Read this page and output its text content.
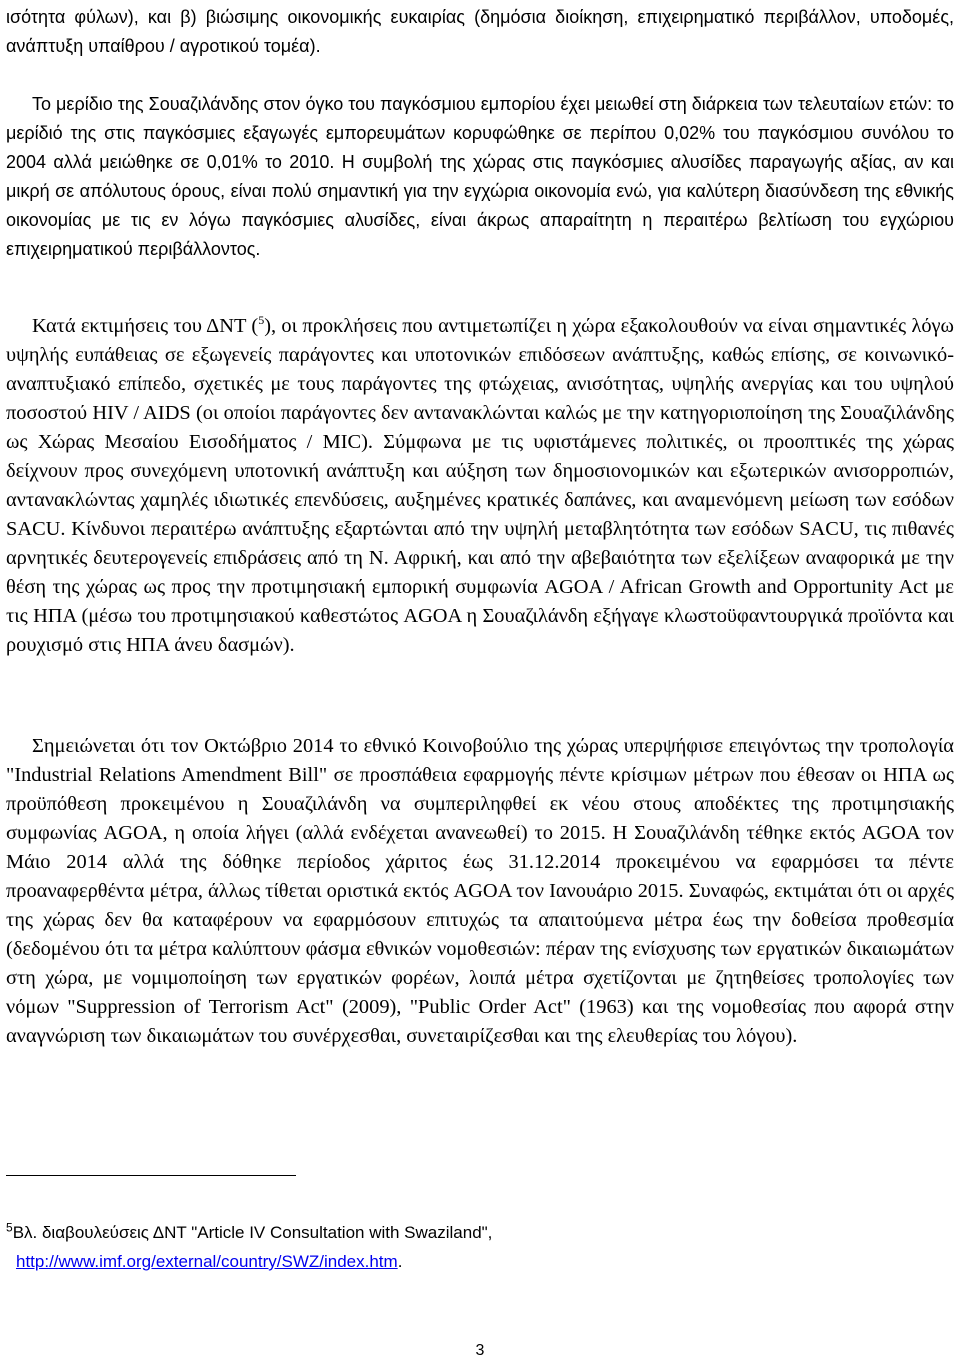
ισότητα φύλων), και β) βιώσιμης οικονομικής ευκαιρίας (δημόσια διοίκηση, επιχειρηματικό περιβάλλον, υποδομές, ανάπτυξη υπαίθρου / αγροτικού τομέα).

Το μερίδιο της Σουαζιλάνδης στον όγκο του παγκόσμιου εμπορίου έχει μειωθεί στη διάρκεια των τελευταίων ετών: το μερίδιό της στις παγκόσμιες εξαγωγές εμπορευμάτων κορυφώθηκε σε περίπου 0,02% του παγκόσμιου συνόλου το 2004 αλλά μειώθηκε σε 0,01% το 2010. Η συμβολή της χώρας στις παγκόσμιες αλυσίδες παραγωγής αξίας, αν και μικρή σε απόλυτους όρους, είναι πολύ σημαντική για την εγχώρια οικονομία ενώ, για καλύτερη διασύνδεση της εθνικής οικονομίας με τις εν λόγω παγκόσμιες αλυσίδες, είναι άκρως απαραίτητη η περαιτέρω βελτίωση του εγχώριου επιχειρηματικού περιβάλλοντος.

Κατά εκτιμήσεις του ΔΝΤ ($^5$), οι προκλήσεις που αντιμετωπίζει η χώρα εξακολουθούν να είναι σημαντικές λόγω υψηλής ευπάθειας σε εξωγενείς παράγοντες και υποτονικών επιδόσεων ανάπτυξης, καθώς επίσης, σε κοινωνικό-αναπτυξιακό επίπεδο, σχετικές με τους παράγοντες της φτώχειας, ανισότητας, υψηλής ανεργίας και του υψηλού ποσοστού HIV / AIDS (οι οποίοι παράγοντες δεν αντανακλώνται καλώς με την κατηγοριοποίηση της Σουαζιλάνδης ως Χώρας Μεσαίου Εισοδήματος / MIC). Σύμφωνα με τις υφιστάμενες πολιτικές, οι προοπτικές της χώρας δείχνουν προς συνεχόμενη υποτονική ανάπτυξη και αύξηση των δημοσιονομικών και εξωτερικών ανισορροπιών, αντανακλώντας χαμηλές ιδιωτικές επενδύσεις, αυξημένες κρατικές δαπάνες, και αναμενόμενη μείωση των εσόδων SACU. Κίνδυνοι περαιτέρω ανάπτυξης εξαρτώνται από την υψηλή μεταβλητότητα των εσόδων SACU, τις πιθανές αρνητικές δευτερογενείς επιδράσεις από τη Ν. Αφρική, και από την αβεβαιότητα των εξελίξεων αναφορικά με την θέση της χώρας ως προς την προτιμησιακή εμπορική συμφωνία AGOA / African Growth and Opportunity Act με τις ΗΠΑ (μέσω του προτιμησιακού καθεστώτος AGOA η Σουαζιλάνδη εξήγαγε κλωστοϋφαντουργικά προϊόντα και ρουχισμό στις ΗΠΑ άνευ δασμών).

Σημειώνεται ότι τον Οκτώβριο 2014 το εθνικό Κοινοβούλιο της χώρας υπερψήφισε επειγόντως την τροπολογία "Industrial Relations Amendment Bill" σε προσπάθεια εφαρμογής πέντε κρίσιμων μέτρων που έθεσαν οι ΗΠΑ ως προϋπόθεση προκειμένου η Σουαζιλάνδη να συμπεριληφθεί εκ νέου στους αποδέκτες της προτιμησιακής συμφωνίας AGOA, η οποία λήγει (αλλά ενδέχεται ανανεωθεί) το 2015. Η Σουαζιλάνδη τέθηκε εκτός AGOA τον Μάιο 2014 αλλά της δόθηκε περίοδος χάριτος έως 31.12.2014 προκειμένου να εφαρμόσει τα πέντε προαναφερθέντα μέτρα, άλλως τίθεται οριστικά εκτός AGOA τον Ιανουάριο 2015. Συναφώς, εκτιμάται ότι οι αρχές της χώρας δεν θα καταφέρουν να εφαρμόσουν επιτυχώς τα απαιτούμενα μέτρα έως την δοθείσα προθεσμία (δεδομένου ότι τα μέτρα καλύπτουν φάσμα εθνικών νομοθεσιών: πέραν της ενίσχυσης των εργατικών δικαιωμάτων στη χώρα, με νομιμοποίηση των εργατικών φορέων, λοιπά μέτρα σχετίζονται με ζητηθείσες τροπολογίες των νόμων "Suppression of Terrorism Act" (2009), "Public Order Act" (1963) και της νομοθεσίας που αφορά στην αναγνώριση των δικαιωμάτων του συνέρχεσθαι, συνεταιρίζεσθαι και της ελευθερίας του λόγου).

$^5$Βλ. διαβουλεύσεις ΔΝΤ "Article IV Consultation with Swaziland",
http://www.imf.org/external/country/SWZ/index.htm.
3
